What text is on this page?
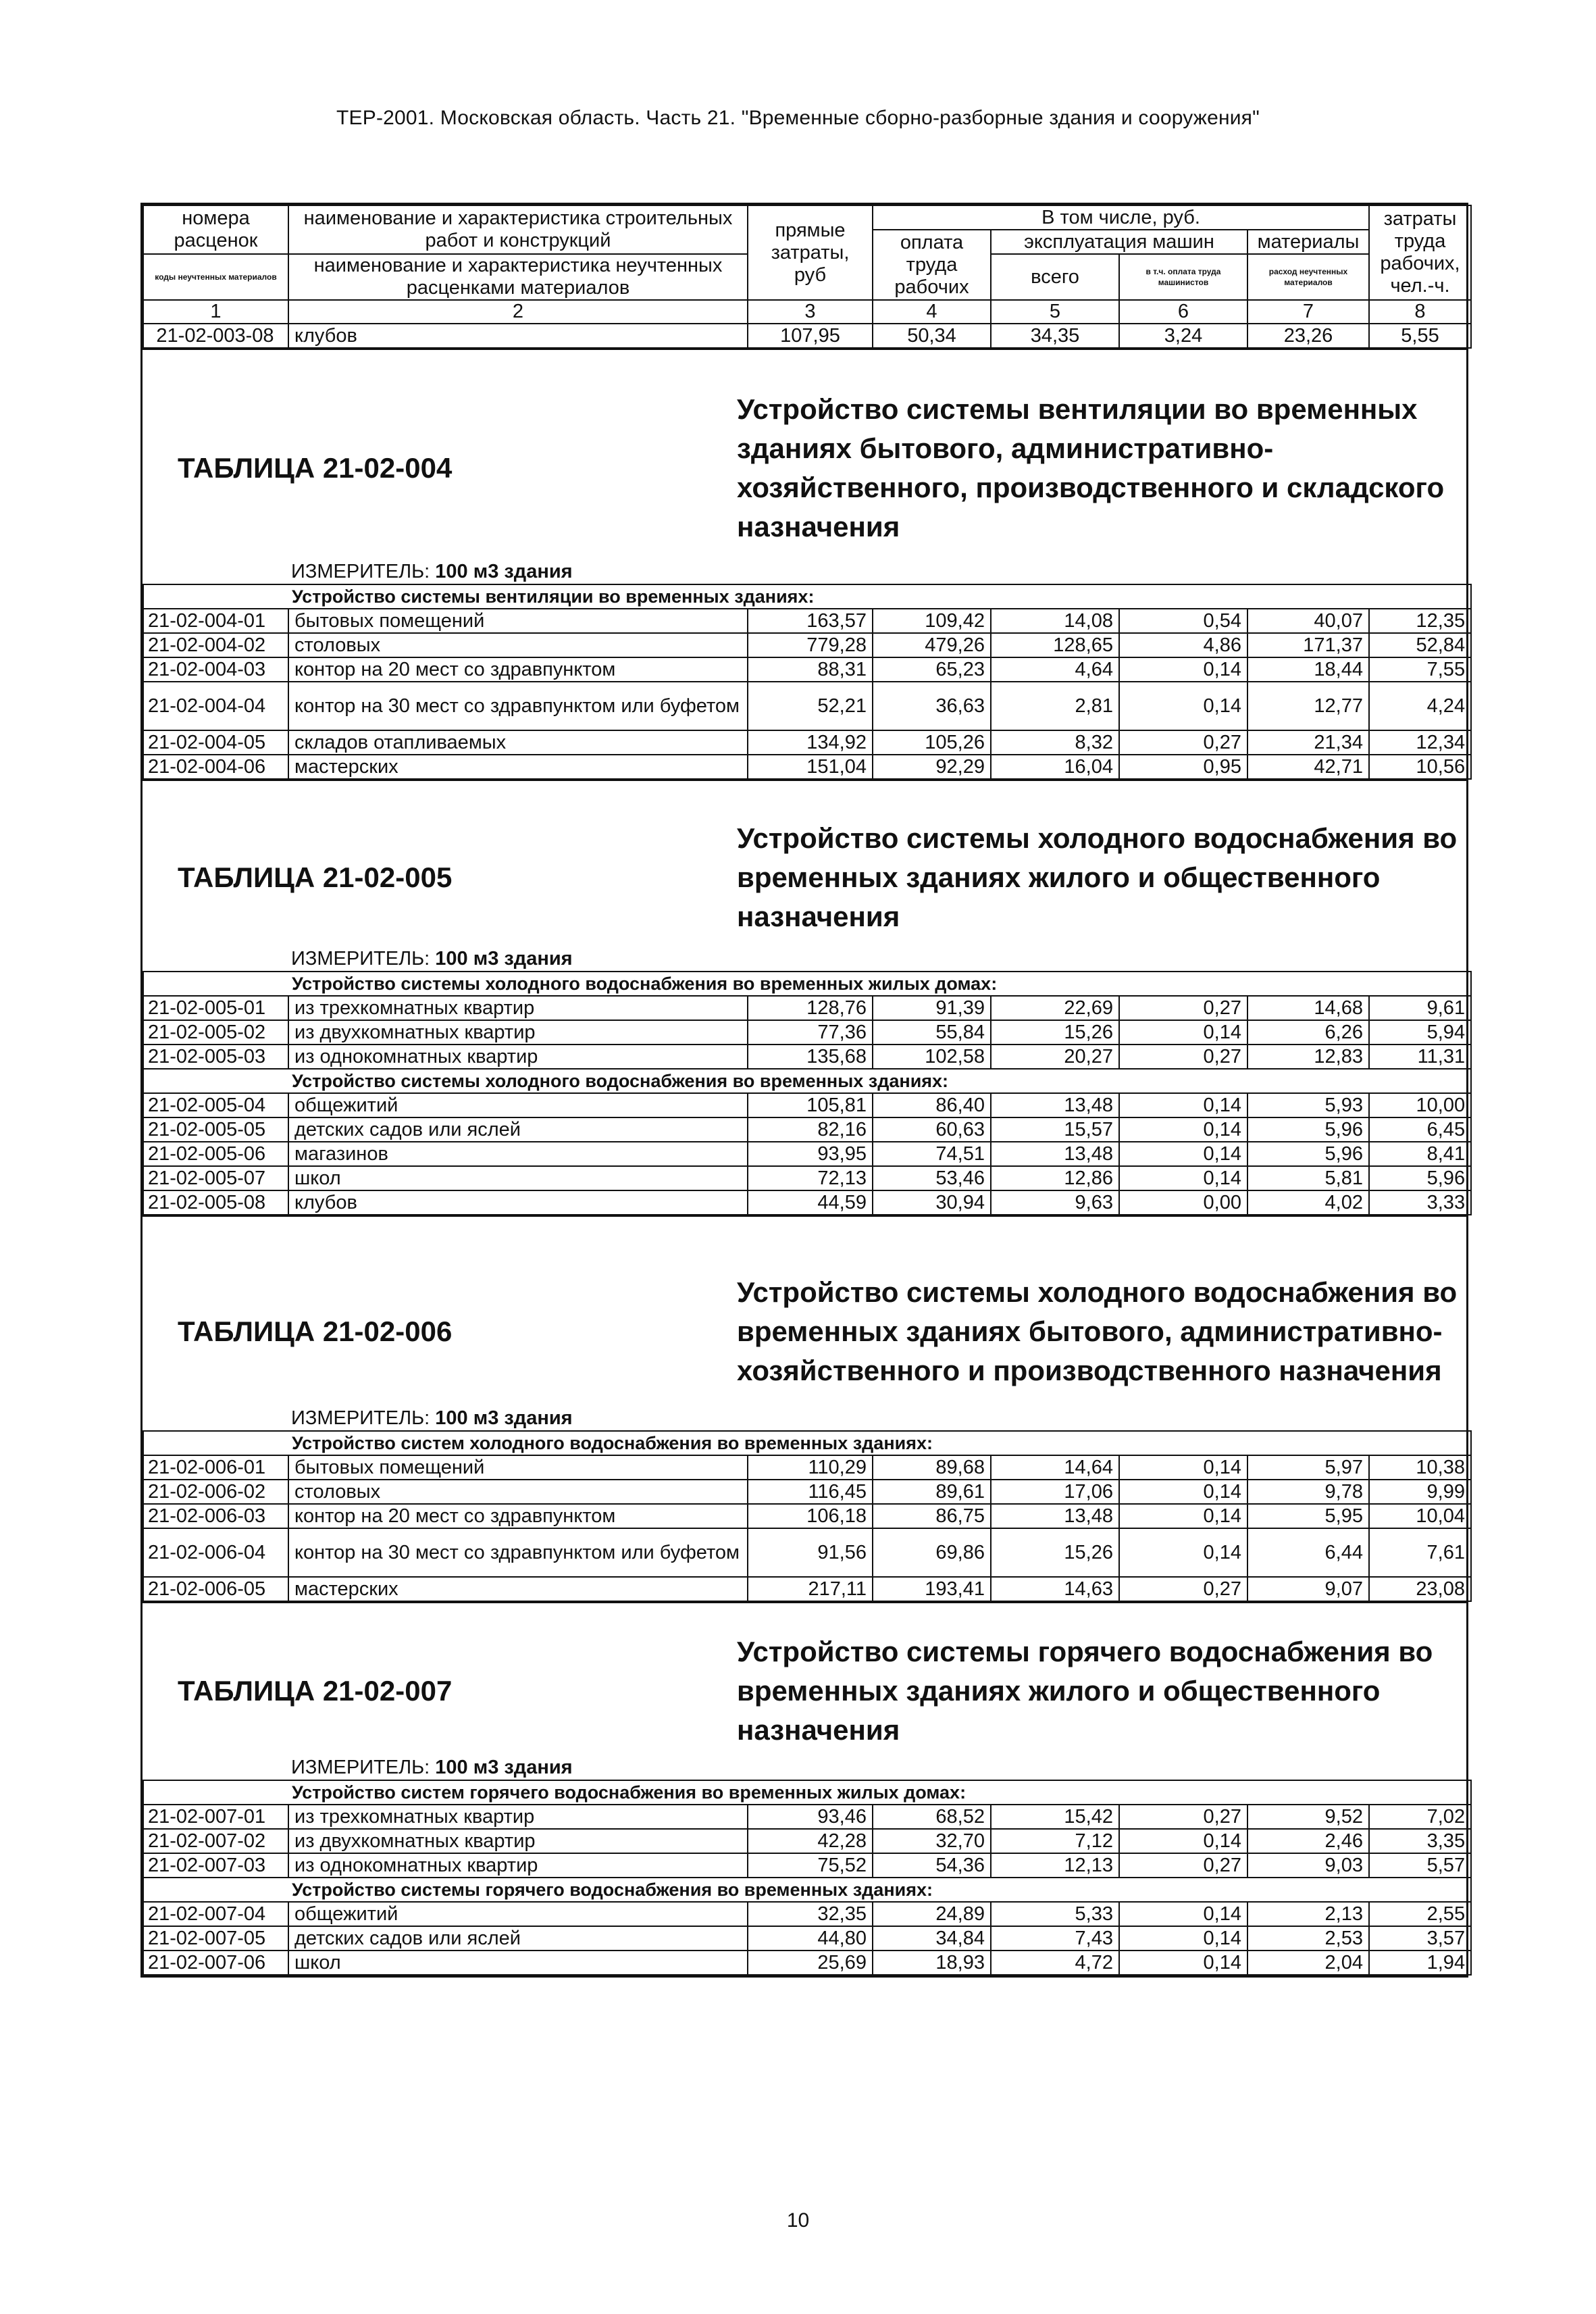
ТЕР-2001. Московская область. Часть 21. "Временные сборно-разборные здания и сооружения"
номера расценок	наименование и характеристика строительных работ и конструкций	прямые затраты, руб	В том числе, руб.				затраты труда рабочих, чел.-ч.
			оплата труда рабочих	эксплуатация машин		материалы	
коды неучтенных материалов	наименование и характеристика неучтенных расценками материалов			всего	в т.ч. оплата труда машинистов	расход неучтенных материалов	

1	2	3	4	5	6	7	8
21-02-003-08	клубов	107,95	50,34	34,35	3,24	23,26	5,55
ТАБЛИЦА 21-02-004
Устройство системы вентиляции во временных зданиях бытового, административно-хозяйственного, производственного и складского назначения
ИЗМЕРИТЕЛЬ: 100 м3 здания
Устройство системы вентиляции во временных зданиях:							
21-02-004-01	бытовых помещений	163,57	109,42	14,08	0,54	40,07	12,35
21-02-004-02	столовых	779,28	479,26	128,65	4,86	171,37	52,84
21-02-004-03	контор на 20 мест со здравпунктом	88,31	65,23	4,64	0,14	18,44	7,55
21-02-004-04	контор на 30 мест со здравпунктом или буфетом	52,21	36,63	2,81	0,14	12,77	4,24
21-02-004-05	складов отапливаемых	134,92	105,26	8,32	0,27	21,34	12,34
21-02-004-06	мастерских	151,04	92,29	16,04	0,95	42,71	10,56
ТАБЛИЦА 21-02-005
Устройство системы холодного водоснабжения во временных зданиях жилого и общественного назначения
ИЗМЕРИТЕЛЬ: 100 м3 здания
Устройство системы холодного водоснабжения во временных жилых домах:							
21-02-005-01	из трехкомнатных квартир	128,76	91,39	22,69	0,27	14,68	9,61
21-02-005-02	из двухкомнатных квартир	77,36	55,84	15,26	0,14	6,26	5,94
21-02-005-03	из однокомнатных квартир	135,68	102,58	20,27	0,27	12,83	11,31
Устройство системы холодного водоснабжения во временных зданиях:							
21-02-005-04	общежитий	105,81	86,40	13,48	0,14	5,93	10,00
21-02-005-05	детских садов или яслей	82,16	60,63	15,57	0,14	5,96	6,45
21-02-005-06	магазинов	93,95	74,51	13,48	0,14	5,96	8,41
21-02-005-07	школ	72,13	53,46	12,86	0,14	5,81	5,96
21-02-005-08	клубов	44,59	30,94	9,63	0,00	4,02	3,33
ТАБЛИЦА 21-02-006
Устройство системы холодного водоснабжения во временных зданиях бытового, административно-хозяйственного и производственного назначения
ИЗМЕРИТЕЛЬ: 100 м3 здания
Устройство систем холодного водоснабжения во временных зданиях:							
21-02-006-01	бытовых помещений	110,29	89,68	14,64	0,14	5,97	10,38
21-02-006-02	столовых	116,45	89,61	17,06	0,14	9,78	9,99
21-02-006-03	контор на 20 мест со здравпунктом	106,18	86,75	13,48	0,14	5,95	10,04
21-02-006-04	контор на 30 мест со здравпунктом или буфетом	91,56	69,86	15,26	0,14	6,44	7,61
21-02-006-05	мастерских	217,11	193,41	14,63	0,27	9,07	23,08
ТАБЛИЦА 21-02-007
Устройство системы горячего водоснабжения во временных зданиях жилого и общественного назначения
ИЗМЕРИТЕЛЬ: 100 м3 здания
Устройство систем горячего водоснабжения во временных жилых домах:							
21-02-007-01	из трехкомнатных квартир	93,46	68,52	15,42	0,27	9,52	7,02
21-02-007-02	из двухкомнатных квартир	42,28	32,70	7,12	0,14	2,46	3,35
21-02-007-03	из однокомнатных квартир	75,52	54,36	12,13	0,27	9,03	5,57
Устройство системы горячего водоснабжения во временных зданиях:							
21-02-007-04	общежитий	32,35	24,89	5,33	0,14	2,13	2,55
21-02-007-05	детских садов или яслей	44,80	34,84	7,43	0,14	2,53	3,57
21-02-007-06	школ	25,69	18,93	4,72	0,14	2,04	1,94
10
